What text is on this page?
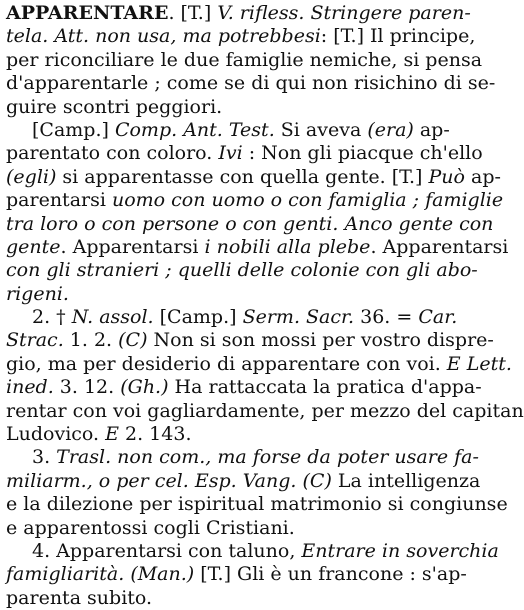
APPARENTARE. [T.] V. rifless. Stringere paren-
tela. Att. non usa, ma potrebbesi: [T.] Il principe,
per riconciliare le due famiglie nemiche, si pensa
d'apparentarle ; come se di qui non risichino di se-
guire scontri peggiori.
[Camp.] Comp. Ant. Test. Si aveva (era) ap-
parentato con coloro. Ivi : Non gli piacque ch'ello
(egli) si apparentasse con quella gente. [T.] Può ap-
parentarsi uomo con uomo o con famiglia ; famiglie
tra loro o con persone o con genti. Anco gente con
gente. Apparentarsi i nobili alla plebe. Apparentarsi
con gli stranieri ; quelli delle colonie con gli abo-
rigeni.
2. † N. assol. [Camp.] Serm. Sacr. 36. = Car.
Strac. 1. 2. (C) Non si son mossi per vostro dispre-
gio, ma per desiderio di apparentare con voi. E Lett.
ined. 3. 12. (Gh.) Ha rattaccata la pratica d'appa-
rentar con voi gagliardamente, per mezzo del capitan
Ludovico. E 2. 143.
3. Trasl. non com., ma forse da poter usare fa-
miliarm., o per cel. Esp. Vang. (C) La intelligenza
e la dilezione per ispiritual matrimonio si congiunse
e apparentossi cogli Cristiani.
4. Apparentarsi con taluno, Entrare in soverchia
famigliarità. (Man.) [T.] Gli è un francone : s'ap-
parenta subito.
